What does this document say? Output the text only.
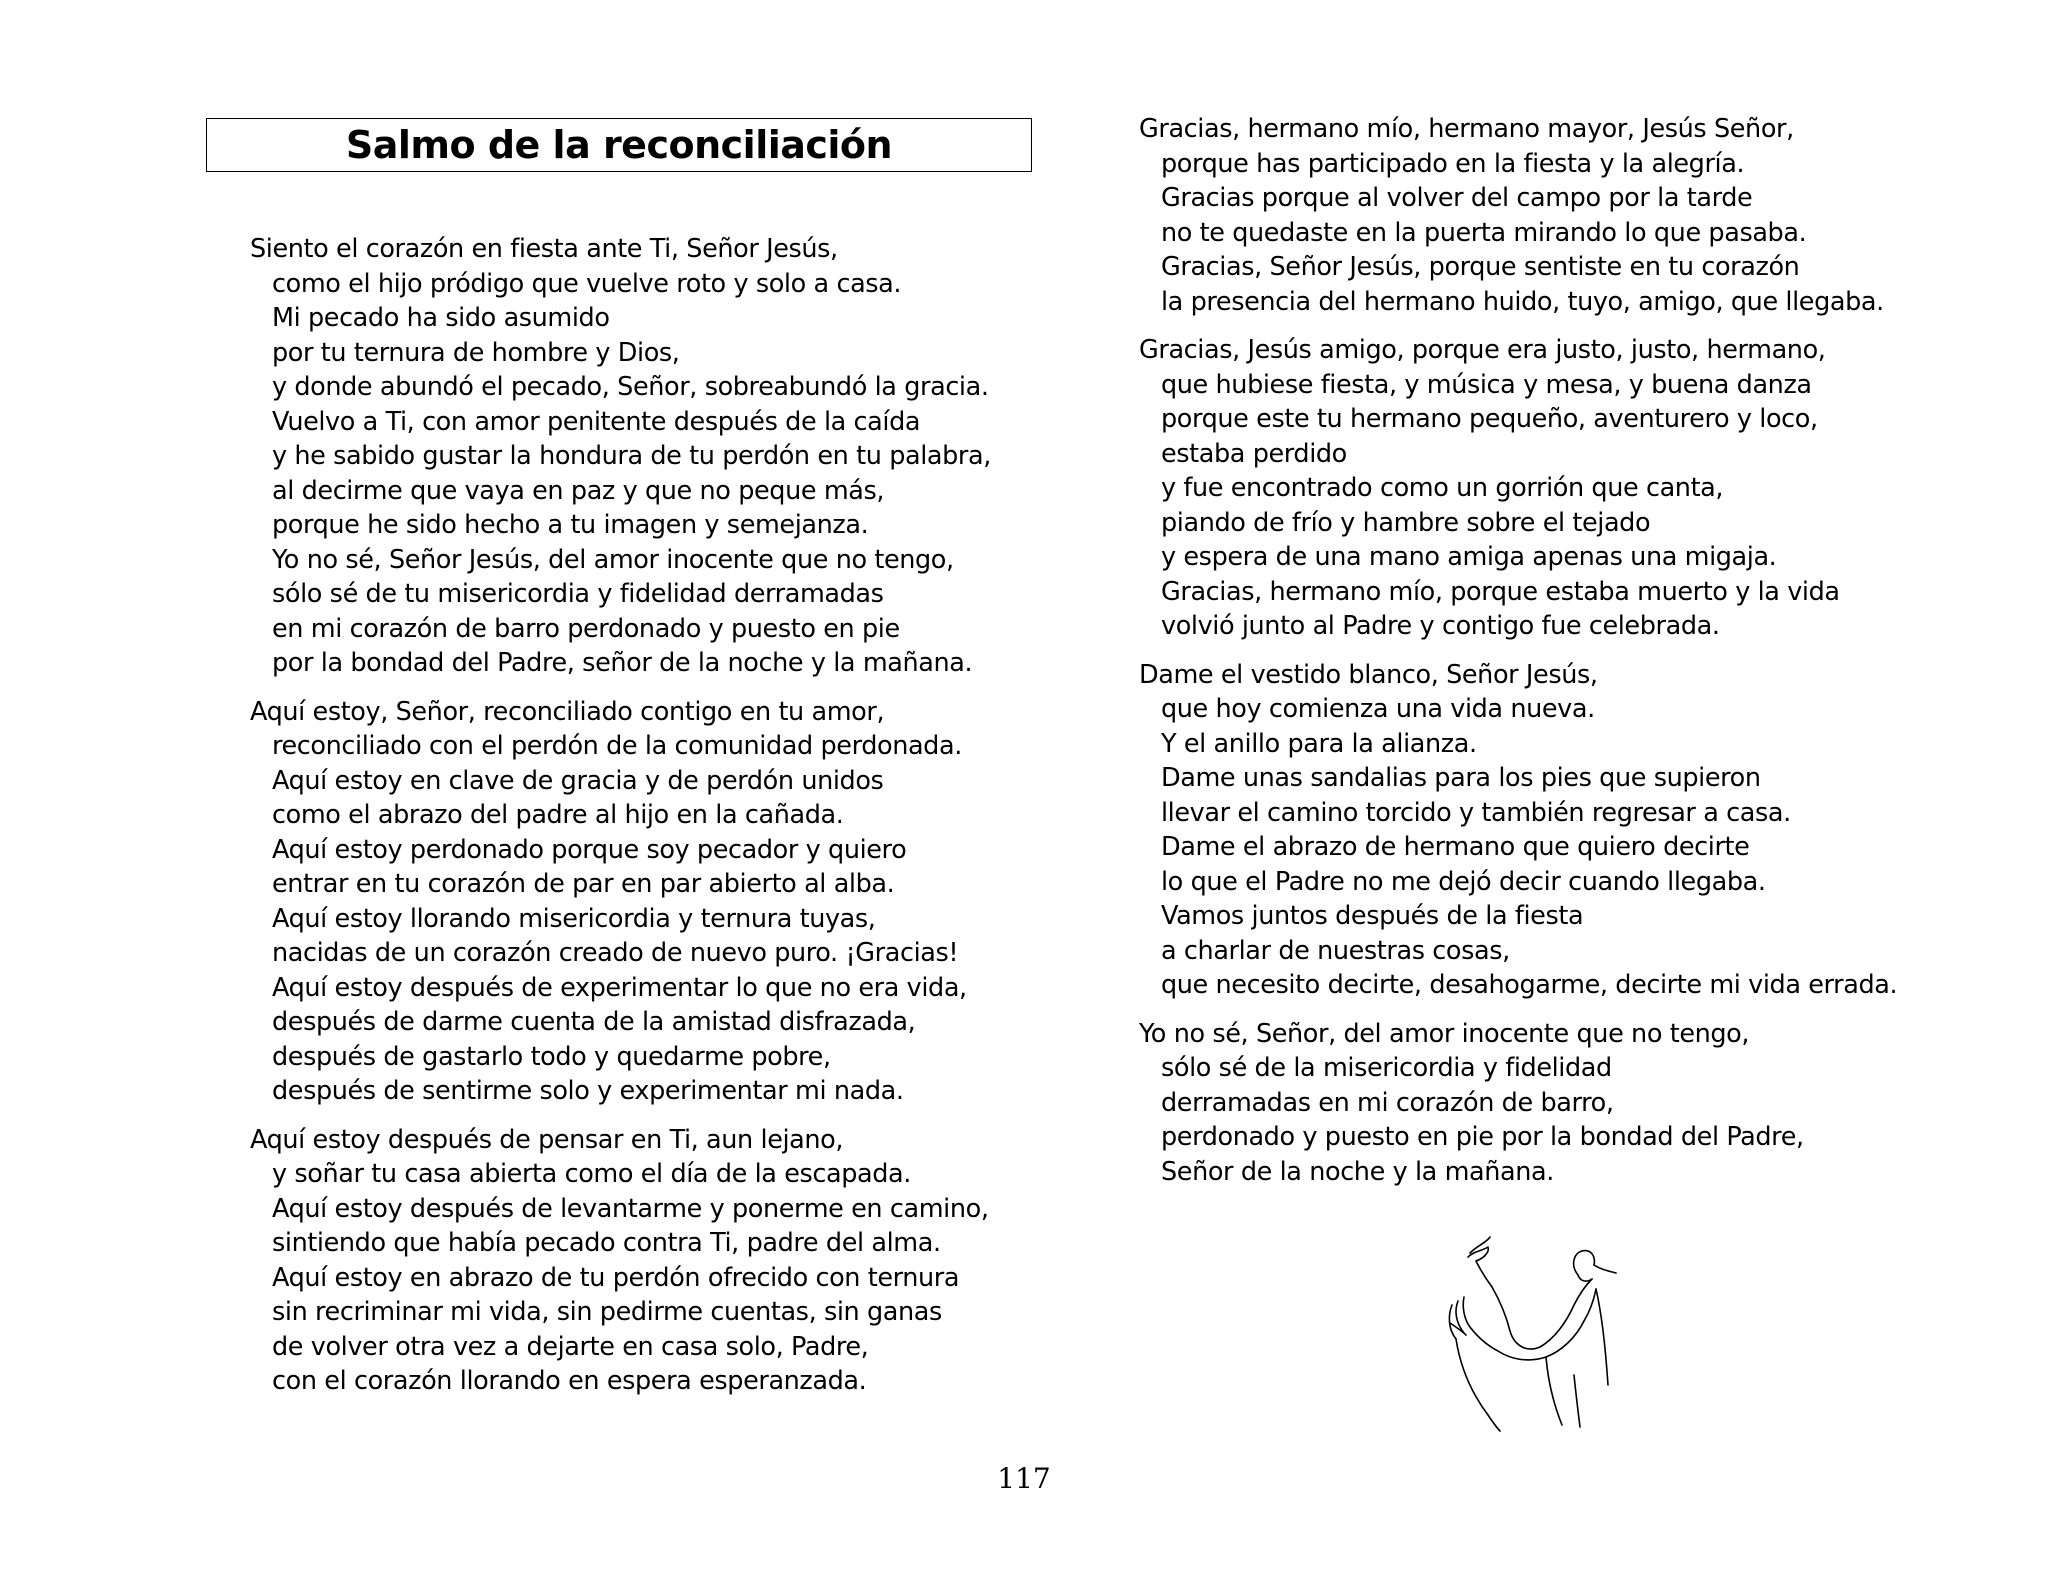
Salmo de la reconciliación
Siento el corazón en fiesta ante Ti, Señor Jesús,
como el hijo pródigo que vuelve roto y solo a casa.
Mi pecado ha sido asumido
por tu ternura de hombre y Dios,
y donde abundó el pecado, Señor, sobreabundó la gracia.
Vuelvo a Ti, con amor penitente después de la caída
y he sabido gustar la hondura de tu perdón en tu palabra,
al decirme que vaya en paz y que no peque más,
porque he sido hecho a tu imagen y semejanza.
Yo no sé, Señor Jesús, del amor inocente que no tengo,
sólo sé de tu misericordia y fidelidad derramadas
en mi corazón de barro perdonado y puesto en pie
por la bondad del Padre, señor de la noche y la mañana.
Aquí estoy, Señor, reconciliado contigo en tu amor,
reconciliado con el perdón de la comunidad perdonada.
Aquí estoy en clave de gracia y de perdón unidos
como el abrazo del padre al hijo en la cañada.
Aquí estoy perdonado porque soy pecador y quiero
entrar en tu corazón de par en par abierto al alba.
Aquí estoy llorando misericordia y ternura tuyas,
nacidas de un corazón creado de nuevo puro. ¡Gracias!
Aquí estoy después de experimentar lo que no era vida,
después de darme cuenta de la amistad disfrazada,
después de gastarlo todo y quedarme pobre,
después de sentirme solo y experimentar mi nada.
Aquí estoy después de pensar en Ti, aun lejano,
y soñar tu casa abierta como el día de la escapada.
Aquí estoy después de levantarme y ponerme en camino,
sintiendo que había pecado contra Ti, padre del alma.
Aquí estoy en abrazo de tu perdón ofrecido con ternura
sin recriminar mi vida, sin pedirme cuentas, sin ganas
de volver otra vez a dejarte en casa solo, Padre,
con el corazón llorando en espera esperanzada.
Gracias, hermano mío, hermano mayor, Jesús Señor,
porque has participado en la fiesta y la alegría.
Gracias porque al volver del campo por la tarde
no te quedaste en la puerta mirando lo que pasaba.
Gracias, Señor Jesús, porque sentiste en tu corazón
la presencia del hermano huido, tuyo, amigo, que llegaba.
Gracias, Jesús amigo, porque era justo, justo, hermano,
que hubiese fiesta, y música y mesa, y buena danza
porque este tu hermano pequeño, aventurero y loco,
estaba perdido
y fue encontrado como un gorrión que canta,
piando de frío y hambre sobre el tejado
y espera de una mano amiga apenas una migaja.
Gracias, hermano mío, porque estaba muerto y la vida
volvió junto al Padre y contigo fue celebrada.
Dame el vestido blanco, Señor Jesús,
que hoy comienza una vida nueva.
Y el anillo para la alianza.
Dame unas sandalias para los pies que supieron
llevar el camino torcido y también regresar a casa.
Dame el abrazo de hermano que quiero decirte
lo que el Padre no me dejó decir cuando llegaba.
Vamos juntos después de la fiesta
a charlar de nuestras cosas,
que necesito decirte, desahogarme, decirte mi vida errada.
Yo no sé, Señor, del amor inocente que no tengo,
sólo sé de la misericordia y fidelidad
derramadas en mi corazón de barro,
perdonado y puesto en pie por la bondad del Padre,
Señor de la noche y la mañana.

117
